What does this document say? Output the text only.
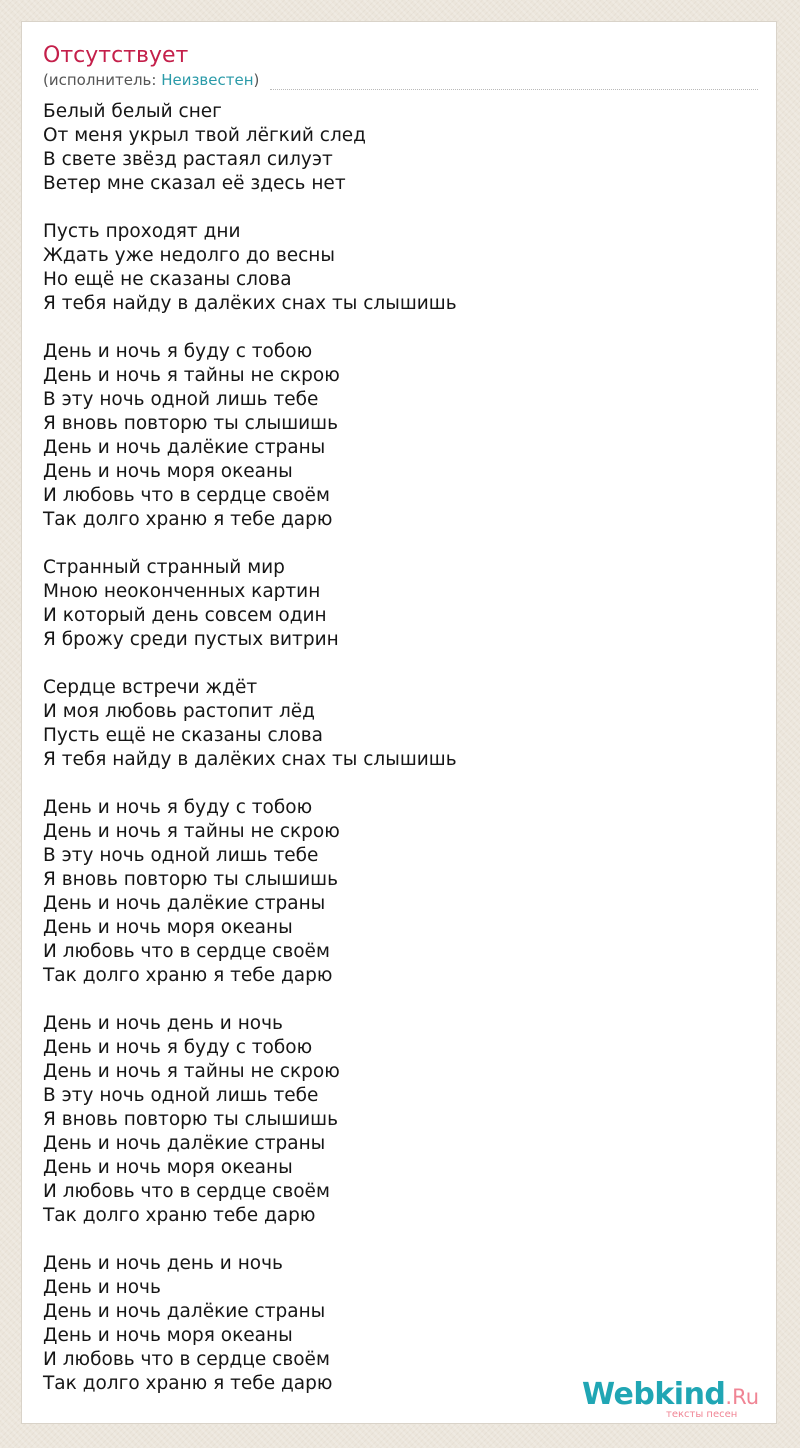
Отсутствует
(исполнитель: Неизвестен)
Белый белый снег
От меня укрыл твой лёгкий след
В свете звёзд растаял силуэт
Ветер мне сказал её здесь нет

Пусть проходят дни
Ждать уже недолго до весны
Но ещё не сказаны слова
Я тебя найду в далёких снах ты слышишь

День и ночь я буду с тобою
День и ночь я тайны не скрою
В эту ночь одной лишь тебе
Я вновь повторю ты слышишь
День и ночь далёкие страны
День и ночь моря океаны
И любовь что в сердце своём
Так долго храню я тебе дарю

Странный странный мир
Мною неоконченных картин
И который день совсем один
Я брожу среди пустых витрин

Сердце встречи ждёт
И моя любовь растопит лёд
Пусть ещё не сказаны слова
Я тебя найду в далёких снах ты слышишь

День и ночь я буду с тобою
День и ночь я тайны не скрою
В эту ночь одной лишь тебе
Я вновь повторю ты слышишь
День и ночь далёкие страны
День и ночь моря океаны
И любовь что в сердце своём
Так долго храню я тебе дарю

День и ночь день и ночь
День и ночь я буду с тобою
День и ночь я тайны не скрою
В эту ночь одной лишь тебе
Я вновь повторю ты слышишь
День и ночь далёкие страны
День и ночь моря океаны
И любовь что в сердце своём
Так долго храню тебе дарю

День и ночь день и ночь
День и ночь
День и ночь далёкие страны
День и ночь моря океаны
И любовь что в сердце своём
Так долго храню я тебе дарю	Webkind.Ru
тексты песен
